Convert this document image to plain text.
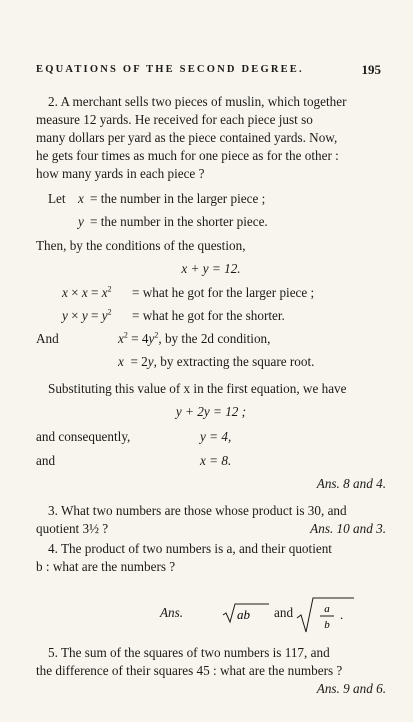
EQUATIONS OF THE SECOND DEGREE.	195

2. A merchant sells two pieces of muslin, which together

measure 12 yards. He received for each piece just so

many dollars per yard as the piece contained yards. Now,

he gets four times as much for one piece as for the other :

how many yards in each piece ?

Let x = the number in the larger piece ;

y = the number in the shorter piece.

Then, by the conditions of the question,

x + y = 12.

$x \times x = x^2$ = what he got for the larger piece ;

$y \times y = y^2$ = what he got for the shorter.

And	$x^2 = 4y^2$, by the 2d condition,

x  = 2y, by extracting the square root.

Substituting this value of x in the first equation, we have

y + 2y = 12 ;

and consequently,	y = 4,

and	x = 8.

Ans. 8 and 4.

3. What two numbers are those whose product is 30, and

quotient 3½ ?	Ans. 10 and 3.

4. The product of two numbers is a, and their quotient

b : what are the numbers ?

Ans.	ab and	a
b
.

5. The sum of the squares of two numbers is 117, and

the difference of their squares 45 : what are the numbers ?

Ans. 9 and 6.
